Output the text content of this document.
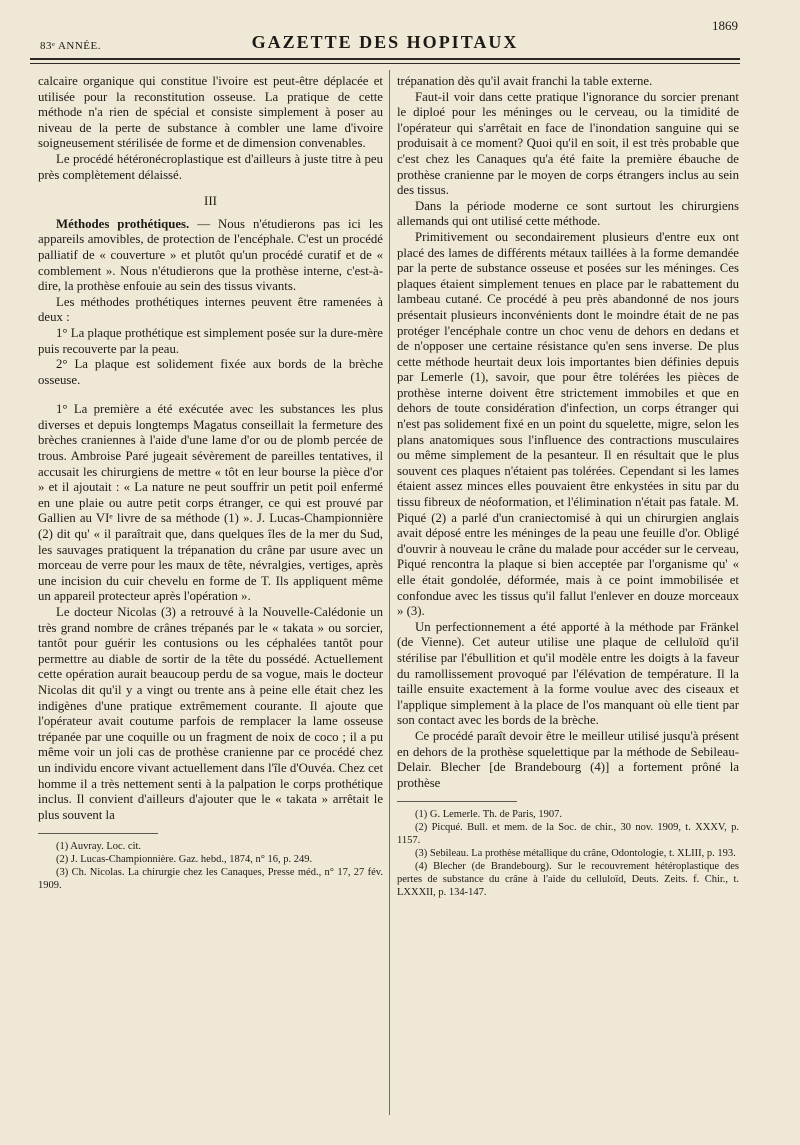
83ᵉ ANNÉE.	GAZETTE DES HOPITAUX
1869

calcaire organique qui constitue l'ivoire est peut-être déplacée et utilisée pour la reconstitution osseuse. La pratique de cette méthode n'a rien de spécial et consiste simplement à poser au niveau de la perte de substance à combler une lame d'ivoire soigneusement stérilisée de forme et de dimension convenables.

Le procédé hétéronécroplastique est d'ailleurs à juste titre à peu près complètement délaissé.

III

Méthodes prothétiques. — Nous n'étudierons pas ici les appareils amovibles, de protection de l'encéphale. C'est un procédé palliatif de « couverture » et plutôt qu'un procédé curatif et de « comblement ». Nous n'étudierons que la prothèse interne, c'est-à-dire, la prothèse enfouie au sein des tissus vivants.

Les méthodes prothétiques internes peuvent être ramenées à deux :

1° La plaque prothétique est simplement posée sur la dure-mère puis recouverte par la peau.

2° La plaque est solidement fixée aux bords de la brèche osseuse.

1° La première a été exécutée avec les substances les plus diverses et depuis longtemps Magatus conseillait la fermeture des brèches craniennes à l'aide d'une lame d'or ou de plomb percée de trous. Ambroise Paré jugeait sévèrement de pareilles tentatives, il accusait les chirurgiens de mettre « tôt en leur bourse la pièce d'or » et il ajoutait : « La nature ne peut souffrir un petit poil enfermé en une plaie ou autre petit corps étranger, ce qui est prouvé par Gallien au VIᵉ livre de sa méthode (1) ». J. Lucas-Championnière (2) dit qu' « il paraîtrait que, dans quelques îles de la mer du Sud, les sauvages pratiquent la trépanation du crâne par usure avec un morceau de verre pour les maux de tête, névralgies, vertiges, après une incision du cuir chevelu en forme de T. Ils appliquent même un appareil protecteur après l'opération ».

Le docteur Nicolas (3) a retrouvé à la Nouvelle-Calédonie un très grand nombre de crânes trépanés par le « takata » ou sorcier, tantôt pour guérir les contusions ou les céphalées tantôt pour permettre au diable de sortir de la tête du possédé. Actuellement cette opération aurait beaucoup perdu de sa vogue, mais le docteur Nicolas dit qu'il y a vingt ou trente ans à peine elle était chez les indigènes d'une pratique extrêmement courante. Il ajoute que l'opérateur avait coutume parfois de remplacer la lame osseuse trépanée par une coquille ou un fragment de noix de coco ; il a pu même voir un joli cas de prothèse cranienne par ce procédé chez un individu encore vivant actuellement dans l'île d'Ouvéa. Chez cet homme il a très nettement senti à la palpation le corps prothétique inclus. Il convient d'ailleurs d'ajouter que le « takata » arrêtait le plus souvent la

(1) Auvray. Loc. cit.
(2) J. Lucas-Championnière. Gaz. hebd., 1874, n° 16, p. 249.
(3) Ch. Nicolas. La chirurgie chez les Canaques, Presse méd., n° 17, 27 fév. 1909.

trépanation dès qu'il avait franchi la table externe.

Faut-il voir dans cette pratique l'ignorance du sorcier prenant le diploé pour les méninges ou le cerveau, ou la timidité de l'opérateur qui s'arrêtait en face de l'inondation sanguine qui se produisait à ce moment? Quoi qu'il en soit, il est très probable que c'est chez les Canaques qu'a été faite la première ébauche de prothèse cranienne par le moyen de corps étrangers inclus au sein des tissus.

Dans la période moderne ce sont surtout les chirurgiens allemands qui ont utilisé cette méthode.

Primitivement ou secondairement plusieurs d'entre eux ont placé des lames de différents métaux taillées à la forme demandée par la perte de substance osseuse et posées sur les méninges. Ces plaques étaient simplement tenues en place par le rabattement du lambeau cutané. Ce procédé à peu près abandonné de nos jours présentait plusieurs inconvénients dont le moindre était de ne pas protéger l'encéphale contre un choc venu de dehors en dedans et de n'opposer une certaine résistance qu'en sens inverse. De plus cette méthode heurtait deux lois importantes bien définies depuis par Lemerle (1), savoir, que pour être tolérées les pièces de prothèse interne doivent être strictement immobiles et que en dehors de toute considération d'infection, un corps étranger qui n'est pas solidement fixé en un point du squelette, migre, selon les plans anatomiques sous l'influence des contractions musculaires ou même simplement de la pesanteur. Il en résultait que le plus souvent ces plaques n'étaient pas tolérées. Cependant si les lames étaient assez minces elles pouvaient être enkystées in situ par du tissu fibreux de néoformation, et l'élimination n'était pas fatale. M. Piqué (2) a parlé d'un craniectomisé à qui un chirurgien anglais avait déposé entre les méninges de la peau une feuille d'or. Obligé d'ouvrir à nouveau le crâne du malade pour accéder sur le cerveau, Piqué rencontra la plaque si bien acceptée par l'organisme qu' « elle était gondolée, déformée, mais à ce point immobilisée et confondue avec les tissus qu'il fallut l'enlever en douze morceaux » (3).

Un perfectionnement a été apporté à la méthode par Fränkel (de Vienne). Cet auteur utilise une plaque de celluloïd qu'il stérilise par l'ébullition et qu'il modèle entre les doigts à la faveur du ramollissement provoqué par l'élévation de température. Il la taille ensuite exactement à la forme voulue avec des ciseaux et l'applique simplement à la place de l'os manquant où elle tient par son contact avec les bords de la brèche.

Ce procédé paraît devoir être le meilleur utilisé jusqu'à présent en dehors de la prothèse squelettique par la méthode de Sebileau-Delair. Blecher [de Brandebourg (4)] a fortement prôné la prothèse

(1) G. Lemerle. Th. de Paris, 1907.
(2) Picqué. Bull. et mem. de la Soc. de chir., 30 nov. 1909, t. XXXV, p. 1157.
(3) Sebileau. La prothèse métallique du crâne, Odontologie, t. XLIII, p. 193.
(4) Blecher (de Brandebourg). Sur le recouvrement hétéroplastique des pertes de substance du crâne à l'aide du celluloïd, Deuts. Zeits. f. Chir., t. LXXXII, p. 134-147.
